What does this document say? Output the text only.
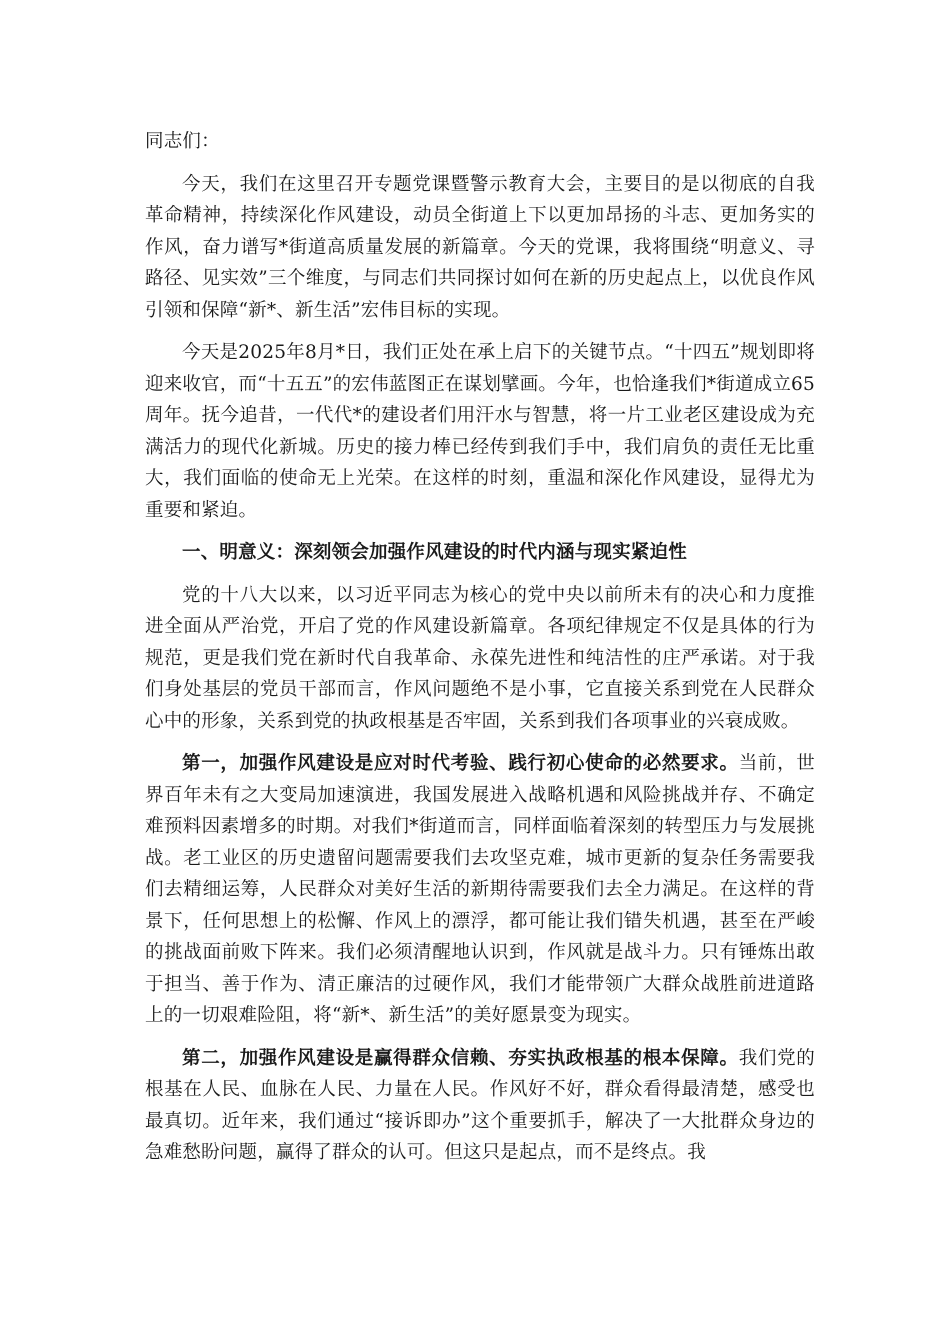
同志们：

今天，我们在这里召开专题党课暨警示教育大会，主要目的是以彻底的自我革命精神，持续深化作风建设，动员全街道上下以更加昂扬的斗志、更加务实的作风，奋力谱写*街道高质量发展的新篇章。今天的党课，我将围绕“明意义、寻路径、见实效”三个维度，与同志们共同探讨如何在新的历史起点上，以优良作风引领和保障“新*、新生活”宏伟目标的实现。

今天是2025年8月*日，我们正处在承上启下的关键节点。“十四五”规划即将迎来收官，而“十五五”的宏伟蓝图正在谋划擘画。今年，也恰逢我们*街道成立65周年。抚今追昔，一代代*的建设者们用汗水与智慧，将一片工业老区建设成为充满活力的现代化新城。历史的接力棒已经传到我们手中，我们肩负的责任无比重大，我们面临的使命无上光荣。在这样的时刻，重温和深化作风建设，显得尤为重要和紧迫。

一、明意义：深刻领会加强作风建设的时代内涵与现实紧迫性

党的十八大以来，以习近平同志为核心的党中央以前所未有的决心和力度推进全面从严治党，开启了党的作风建设新篇章。各项纪律规定不仅是具体的行为规范，更是我们党在新时代自我革命、永葆先进性和纯洁性的庄严承诺。对于我们身处基层的党员干部而言，作风问题绝不是小事，它直接关系到党在人民群众心中的形象，关系到党的执政根基是否牢固，关系到我们各项事业的兴衰成败。

第一，加强作风建设是应对时代考验、践行初心使命的必然要求。当前，世界百年未有之大变局加速演进，我国发展进入战略机遇和风险挑战并存、不确定难预料因素增多的时期。对我们*街道而言，同样面临着深刻的转型压力与发展挑战。老工业区的历史遗留问题需要我们去攻坚克难，城市更新的复杂任务需要我们去精细运筹，人民群众对美好生活的新期待需要我们去全力满足。在这样的背景下，任何思想上的松懈、作风上的漂浮，都可能让我们错失机遇，甚至在严峻的挑战面前败下阵来。我们必须清醒地认识到，作风就是战斗力。只有锤炼出敢于担当、善于作为、清正廉洁的过硬作风，我们才能带领广大群众战胜前进道路上的一切艰难险阻，将“新*、新生活”的美好愿景变为现实。

第二，加强作风建设是赢得群众信赖、夯实执政根基的根本保障。我们党的根基在人民、血脉在人民、力量在人民。作风好不好，群众看得最清楚，感受也最真切。近年来，我们通过“接诉即办”这个重要抓手，解决了一大批群众身边的急难愁盼问题，赢得了群众的认可。但这只是起点，而不是终点。我
